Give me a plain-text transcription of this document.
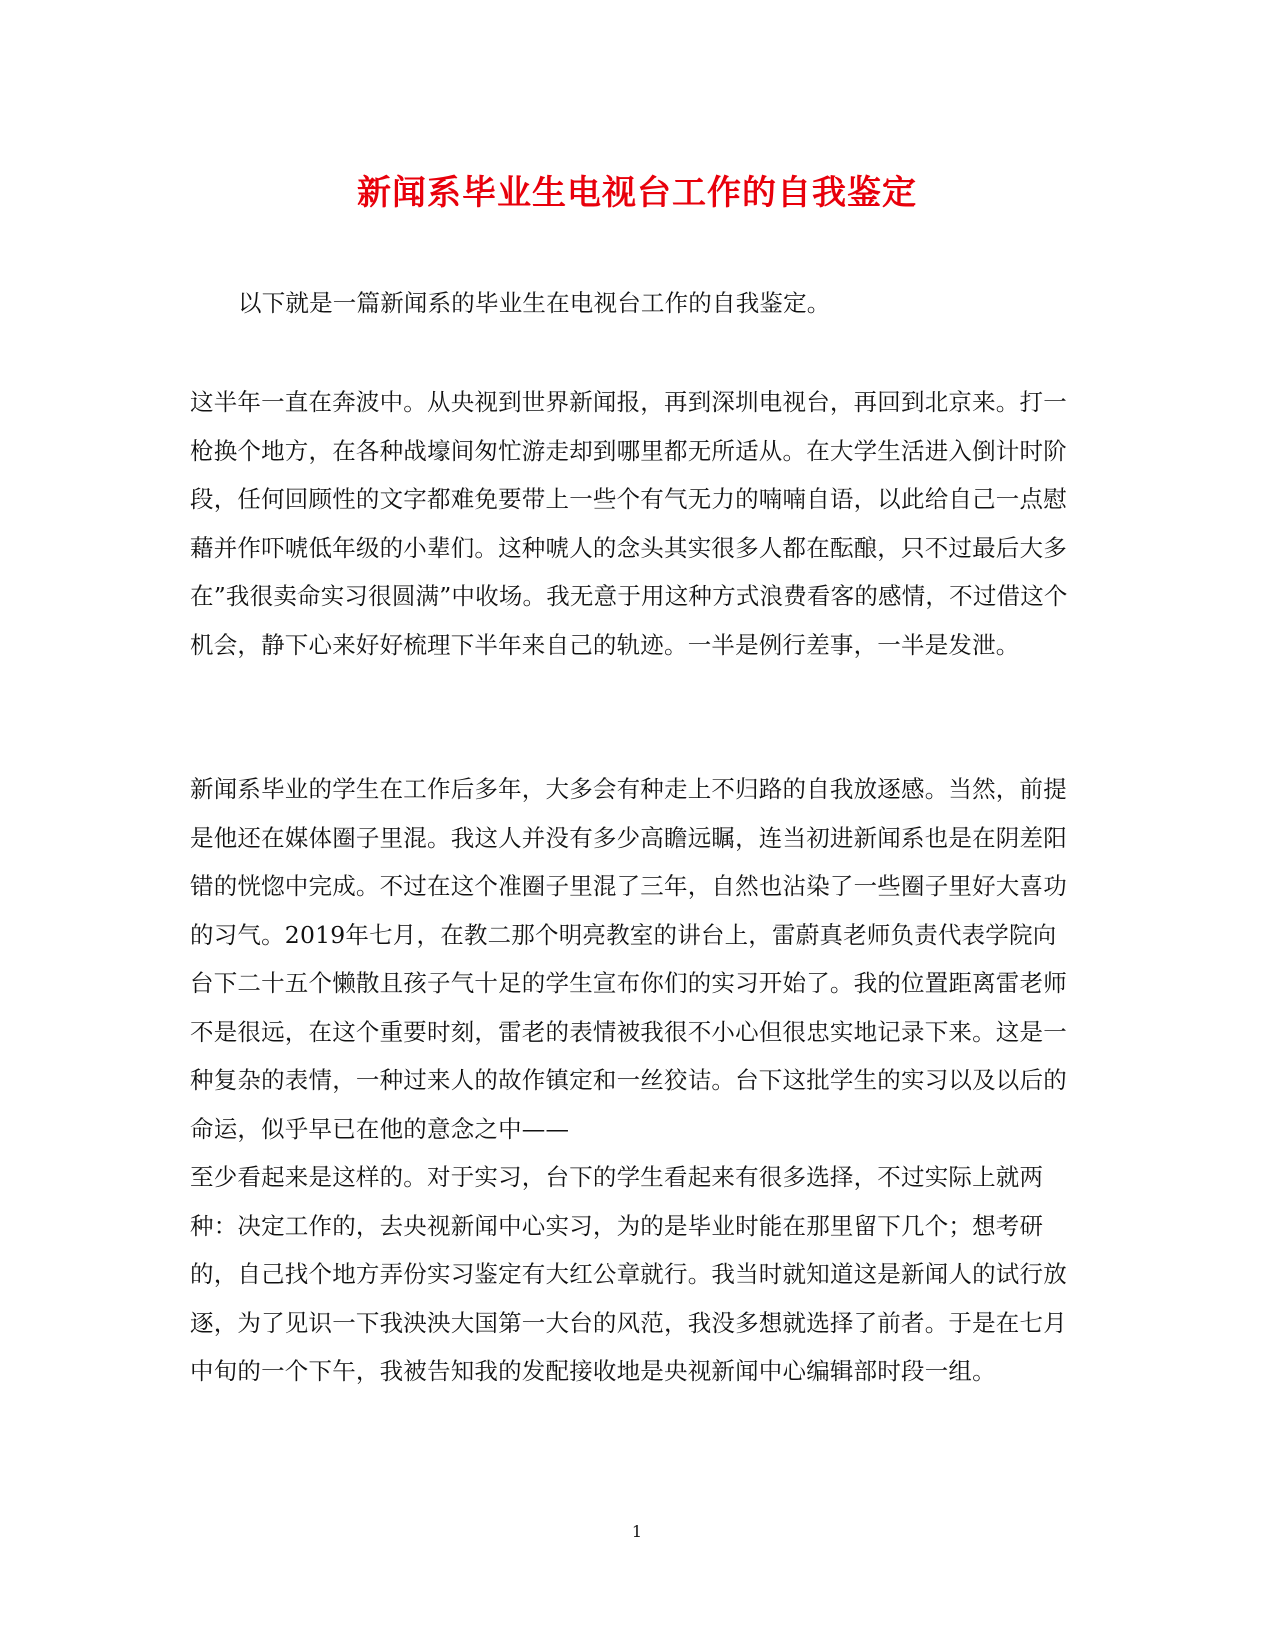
新闻系毕业生电视台工作的自我鉴定

以下就是一篇新闻系的毕业生在电视台工作的自我鉴定。

这半年一直在奔波中。从央视到世界新闻报，再到深圳电视台，再回到北京来。打一枪换个地方，在各种战壕间匆忙游走却到哪里都无所适从。在大学生活进入倒计时阶段，任何回顾性的文字都难免要带上一些个有气无力的喃喃自语，以此给自己一点慰藉并作吓唬低年级的小辈们。这种唬人的念头其实很多人都在酝酿，只不过最后大多在”我很卖命实习很圆满”中收场。我无意于用这种方式浪费看客的感情，不过借这个机会，静下心来好好梳理下半年来自己的轨迹。一半是例行差事，一半是发泄。

新闻系毕业的学生在工作后多年，大多会有种走上不归路的自我放逐感。当然，前提是他还在媒体圈子里混。我这人并没有多少高瞻远瞩，连当初进新闻系也是在阴差阳错的恍惚中完成。不过在这个准圈子里混了三年，自然也沾染了一些圈子里好大喜功的习气。2019年七月，在教二那个明亮教室的讲台上，雷蔚真老师负责代表学院向台下二十五个懒散且孩子气十足的学生宣布你们的实习开始了。我的位置距离雷老师不是很远，在这个重要时刻，雷老的表情被我很不小心但很忠实地记录下来。这是一种复杂的表情，一种过来人的故作镇定和一丝狡诘。台下这批学生的实习以及以后的命运，似乎早已在他的意念之中——
至少看起来是这样的。对于实习，台下的学生看起来有很多选择，不过实际上就两种：决定工作的，去央视新闻中心实习，为的是毕业时能在那里留下几个；想考研的，自己找个地方弄份实习鉴定有大红公章就行。我当时就知道这是新闻人的试行放逐，为了见识一下我泱泱大国第一大台的风范，我没多想就选择了前者。于是在七月中旬的一个下午，我被告知我的发配接收地是央视新闻中心编辑部时段一组。

1
